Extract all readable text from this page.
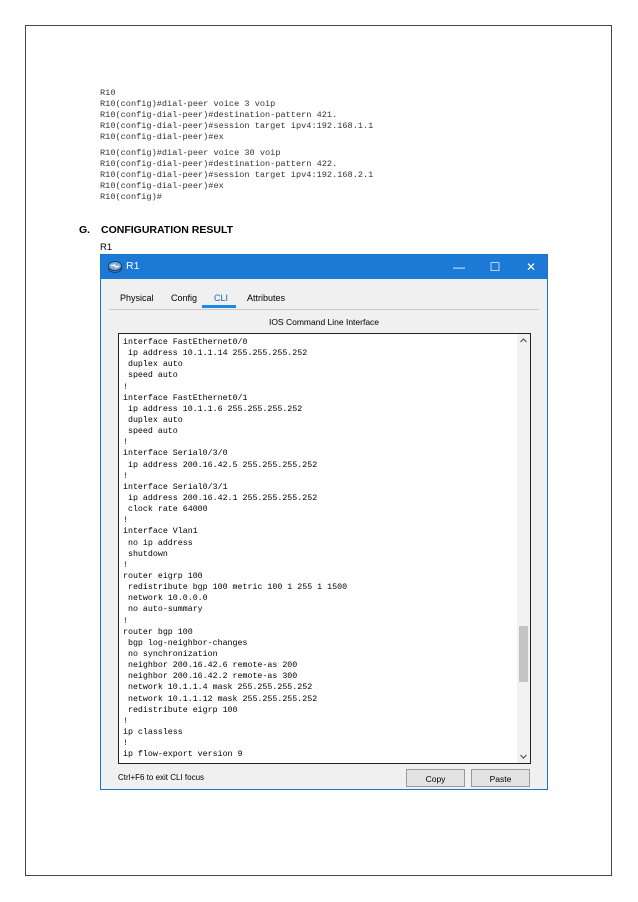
R10
R10(config)#dial-peer voice 3 voip
R10(config-dial-peer)#destination-pattern 421.
R10(config-dial-peer)#session target ipv4:192.168.1.1
R10(config-dial-peer)#ex
R10(config)#dial-peer voice 30 voip
R10(config-dial-peer)#destination-pattern 422.
R10(config-dial-peer)#session target ipv4:192.168.2.1
R10(config-dial-peer)#ex
R10(config)#
G. CONFIGURATION RESULT
R1
R1	—	☐	✕
Physical Config CLI Attributes
IOS Command Line Interface
interface FastEthernet0/0
ip address 10.1.1.14 255.255.255.252
duplex auto
speed auto
!
interface FastEthernet0/1
ip address 10.1.1.6 255.255.255.252
duplex auto
speed auto
!
interface Serial0/3/0
ip address 200.16.42.5 255.255.255.252
!
interface Serial0/3/1
ip address 200.16.42.1 255.255.255.252
clock rate 64000
!
interface Vlan1
no ip address
shutdown
!
router eigrp 100
redistribute bgp 100 metric 100 1 255 1 1500
network 10.0.0.0
no auto-summary
!
router bgp 100
bgp log-neighbor-changes
no synchronization
neighbor 200.16.42.6 remote-as 200
neighbor 200.16.42.2 remote-as 300
network 10.1.1.4 mask 255.255.255.252
network 10.1.1.12 mask 255.255.255.252
redistribute eigrp 100
!
ip classless
!
ip flow-export version 9
Ctrl+F6 to exit CLI focus	Copy	Paste
